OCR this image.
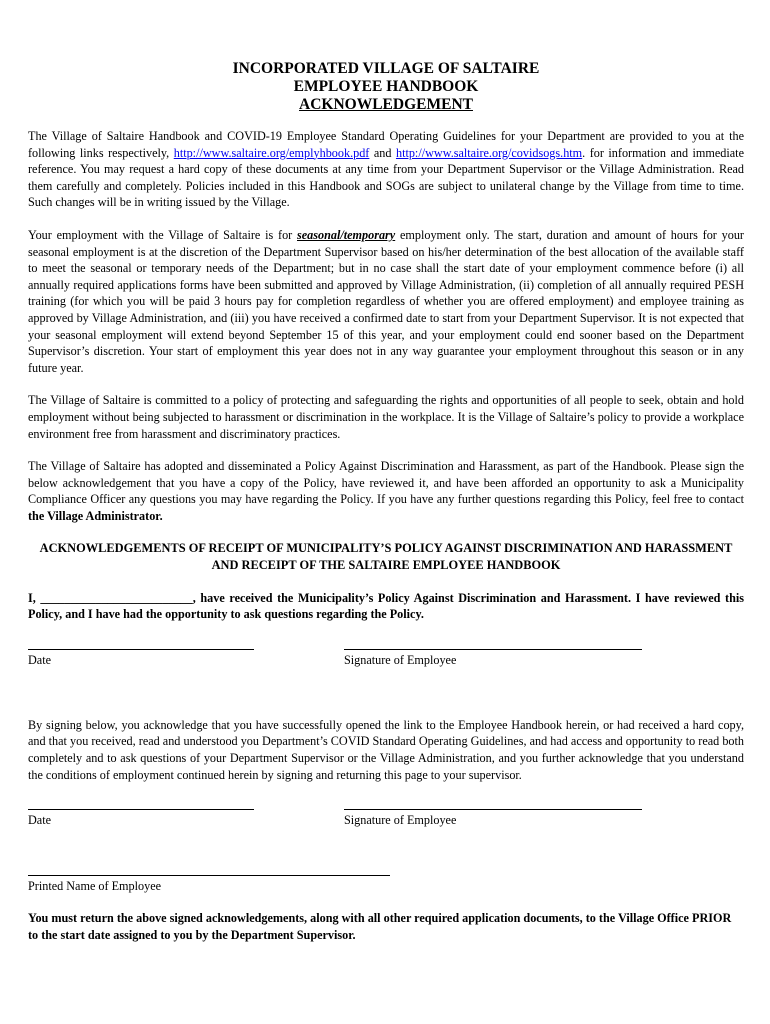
INCORPORATED VILLAGE OF SALTAIRE
EMPLOYEE HANDBOOK
ACKNOWLEDGEMENT

The Village of Saltaire Handbook and COVID-19 Employee Standard Operating Guidelines for your Department are provided to you at the following links respectively, http://www.saltaire.org/emplyhbook.pdf and http://www.saltaire.org/covidsogs.htm. for information and immediate reference. You may request a hard copy of these documents at any time from your Department Supervisor or the Village Administration. Read them carefully and completely. Policies included in this Handbook and SOGs are subject to unilateral change by the Village from time to time. Such changes will be in writing issued by the Village.

Your employment with the Village of Saltaire is for seasonal/temporary employment only. The start, duration and amount of hours for your seasonal employment is at the discretion of the Department Supervisor based on his/her determination of the best allocation of the available staff to meet the seasonal or temporary needs of the Department; but in no case shall the start date of your employment commence before (i) all annually required applications forms have been submitted and approved by Village Administration, (ii) completion of all annually required PESH training (for which you will be paid 3 hours pay for completion regardless of whether you are offered employment) and employee training as approved by Village Administration, and (iii) you have received a confirmed date to start from your Department Supervisor. It is not expected that your seasonal employment will extend beyond September 15 of this year, and your employment could end sooner based on the Department Supervisor’s discretion. Your start of employment this year does not in any way guarantee your employment throughout this season or in any future year.

The Village of Saltaire is committed to a policy of protecting and safeguarding the rights and opportunities of all people to seek, obtain and hold employment without being subjected to harassment or discrimination in the workplace. It is the Village of Saltaire’s policy to provide a workplace environment free from harassment and discriminatory practices.

The Village of Saltaire has adopted and disseminated a Policy Against Discrimination and Harassment, as part of the Handbook. Please sign the below acknowledgement that you have a copy of the Policy, have reviewed it, and have been afforded an opportunity to ask a Municipality Compliance Officer any questions you may have regarding the Policy. If you have any further questions regarding this Policy, feel free to contact the Village Administrator.

ACKNOWLEDGEMENTS OF RECEIPT OF MUNICIPALITY’S POLICY AGAINST DISCRIMINATION AND HARASSMENT AND RECEIPT OF THE SALTAIRE EMPLOYEE HANDBOOK

I, _________________________, have received the Municipality’s Policy Against Discrimination and Harassment. I have reviewed this Policy, and I have had the opportunity to ask questions regarding the Policy.

Date	Signature of Employee

By signing below, you acknowledge that you have successfully opened the link to the Employee Handbook herein, or had received a hard copy, and that you received, read and understood you Department’s COVID Standard Operating Guidelines, and had access and opportunity to read both completely and to ask questions of your Department Supervisor or the Village Administration, and you further acknowledge that you understand the conditions of employment continued herein by signing and returning this page to your supervisor.

Date	Signature of Employee
Printed Name of Employee

You must return the above signed acknowledgements, along with all other required application documents, to the Village Office PRIOR to the start date assigned to you by the Department Supervisor.
